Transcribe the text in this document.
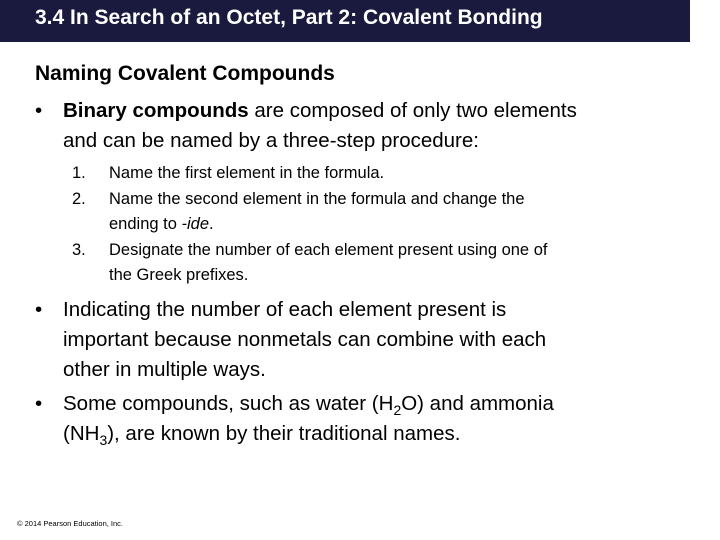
3.4 In Search of an Octet, Part 2: Covalent Bonding
Naming Covalent Compounds
•	Binary compounds are composed of only two elements
and can be named by a three-step procedure:
1.	Name the first element in the formula.
2.	Name the second element in the formula and change the
ending to -ide.
3.	Designate the number of each element present using one of
the Greek prefixes.
•	Indicating the number of each element present is
important because nonmetals can combine with each
other in multiple ways.
•	Some compounds, such as water $(H_2O)$ and ammonia
$(NH_3)$, are known by their traditional names.
© 2014 Pearson Education, Inc.
